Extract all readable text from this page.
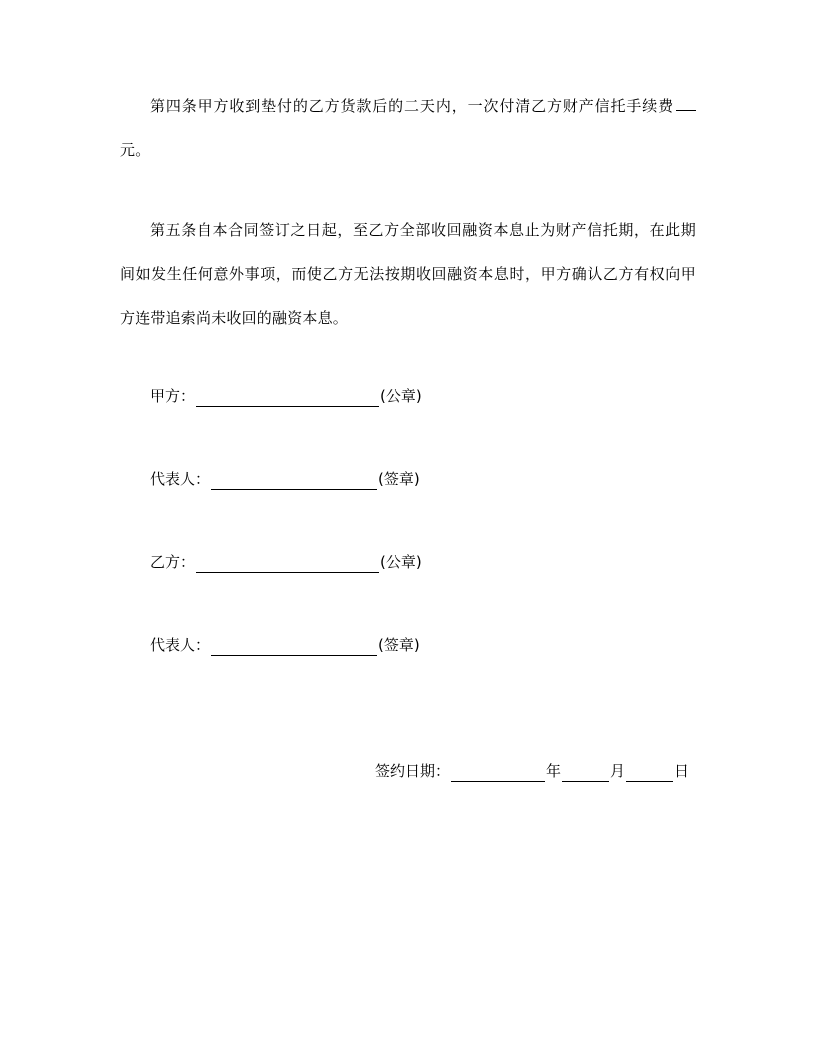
第四条甲方收到垫付的乙方货款后的二天内，一次付清乙方财产信托手续费元。

第五条自本合同签订之日起，至乙方全部收回融资本息止为财产信托期，在此期间如发生任何意外事项，而使乙方无法按期收回融资本息时，甲方确认乙方有权向甲方连带追索尚未收回的融资本息。

甲方：	(公章)
代表人：	(签章)
乙方：	(公章)
代表人：	(签章)
签约日期：	年	月	日
